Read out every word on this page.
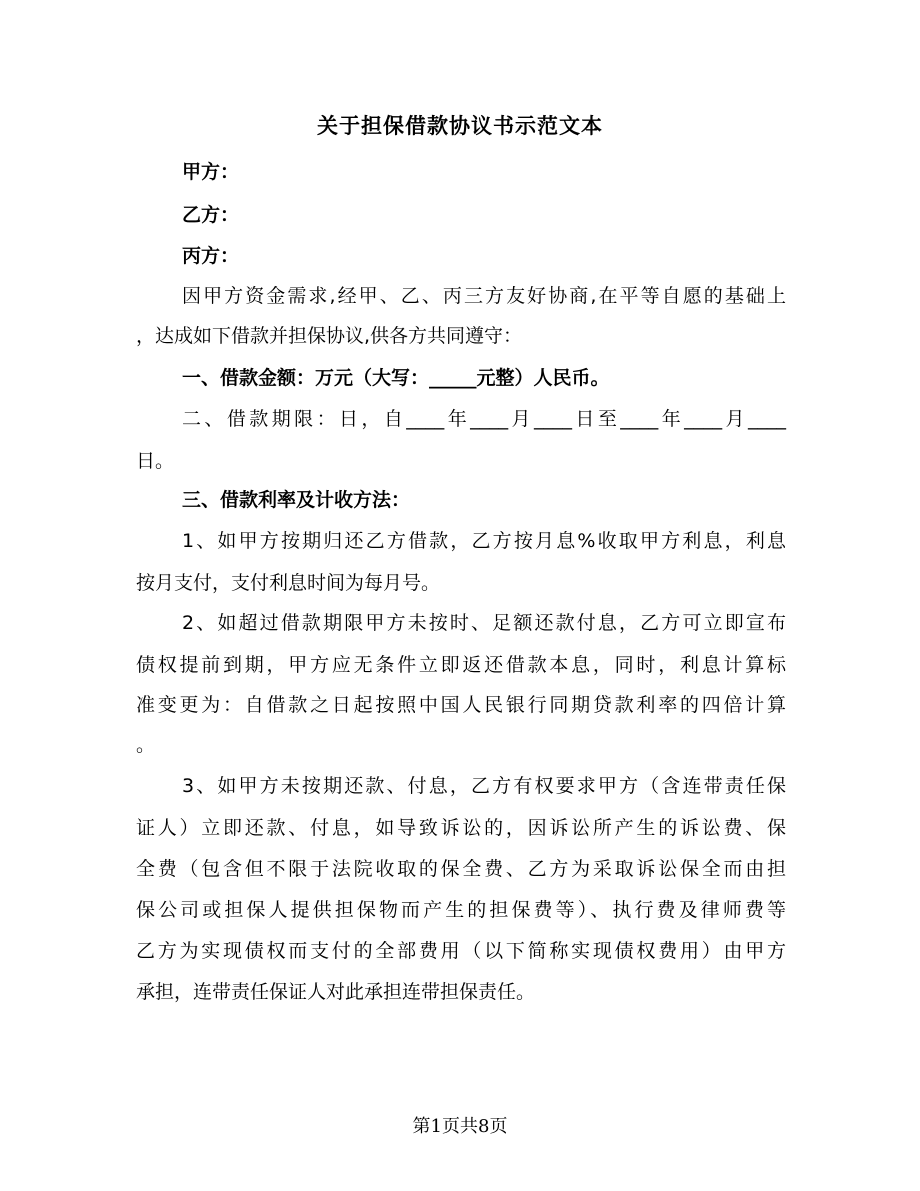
关于担保借款协议书示范文本
甲方：
乙方：
丙方：
因甲方资金需求,经甲、乙、丙三方友好协商,在平等自愿的基础上
，达成如下借款并担保协议,供各方共同遵守：
一、借款金额：万元（大写：_____元整）人民币。
二、借款期限：日，自____年____月____日至____年____月____
日。
三、借款利率及计收方法：
1、如甲方按期归还乙方借款，乙方按月息%收取甲方利息，利息
按月支付，支付利息时间为每月号。
2、如超过借款期限甲方未按时、足额还款付息，乙方可立即宣布
债权提前到期，甲方应无条件立即返还借款本息，同时，利息计算标
准变更为：自借款之日起按照中国人民银行同期贷款利率的四倍计算
。
3、如甲方未按期还款、付息，乙方有权要求甲方（含连带责任保
证人）立即还款、付息，如导致诉讼的，因诉讼所产生的诉讼费、保
全费（包含但不限于法院收取的保全费、乙方为采取诉讼保全而由担
保公司或担保人提供担保物而产生的担保费等）、执行费及律师费等
乙方为实现债权而支付的全部费用（以下简称实现债权费用）由甲方
承担，连带责任保证人对此承担连带担保责任。
第1页共8页
